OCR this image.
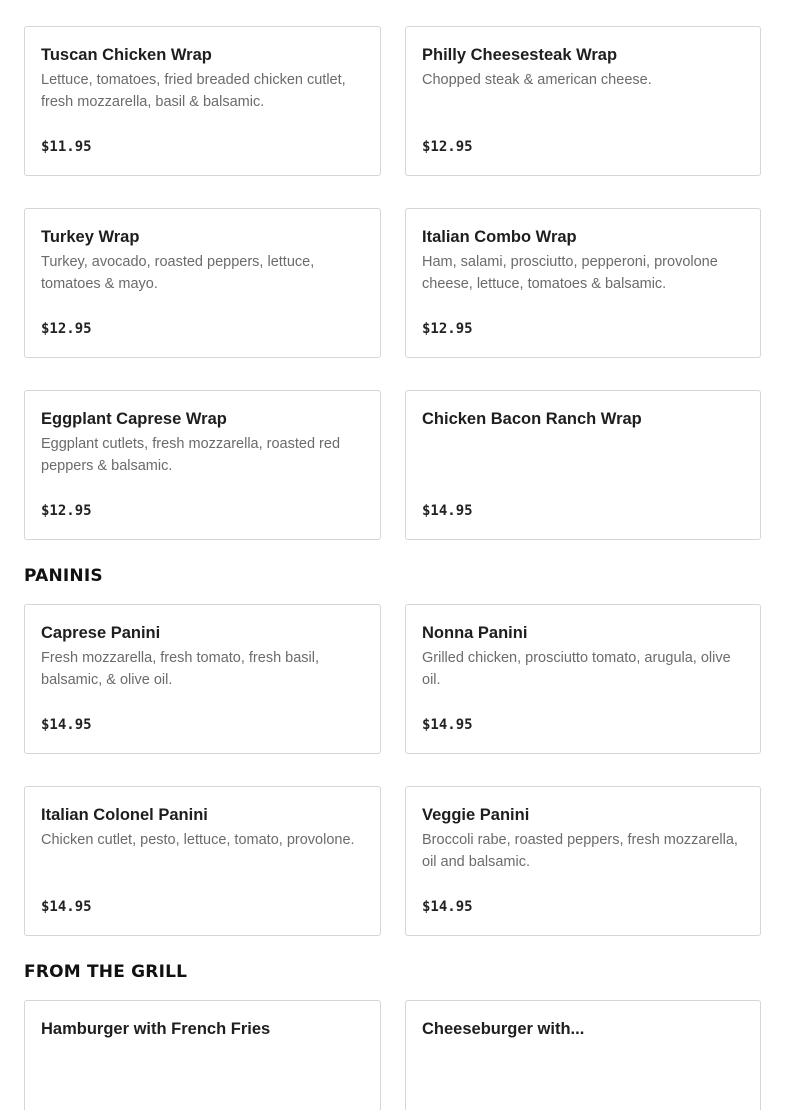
Tuscan Chicken Wrap

Lettuce, tomatoes, fried breaded chicken cutlet, fresh mozzarella, basil & balsamic.

$11.95
Philly Cheesesteak Wrap

Chopped steak & american cheese.

$12.95
Turkey Wrap

Turkey, avocado, roasted peppers, lettuce, tomatoes & mayo.

$12.95
Italian Combo Wrap

Ham, salami, prosciutto, pepperoni, provolone cheese, lettuce, tomatoes & balsamic.

$12.95
Eggplant Caprese Wrap

Eggplant cutlets, fresh mozzarella, roasted red peppers & balsamic.

$12.95
Chicken Bacon Ranch Wrap

$14.95
PANINIS
Caprese Panini

Fresh mozzarella, fresh tomato, fresh basil, balsamic, & olive oil.

$14.95
Nonna Panini

Grilled chicken, prosciutto tomato, arugula, olive oil.

$14.95
Italian Colonel Panini

Chicken cutlet, pesto, lettuce, tomato, provolone.

$14.95
Veggie Panini

Broccoli rabe, roasted peppers, fresh mozzarella, oil and balsamic.

$14.95
FROM THE GRILL
Hamburger with French Fries	Cheeseburger with...
